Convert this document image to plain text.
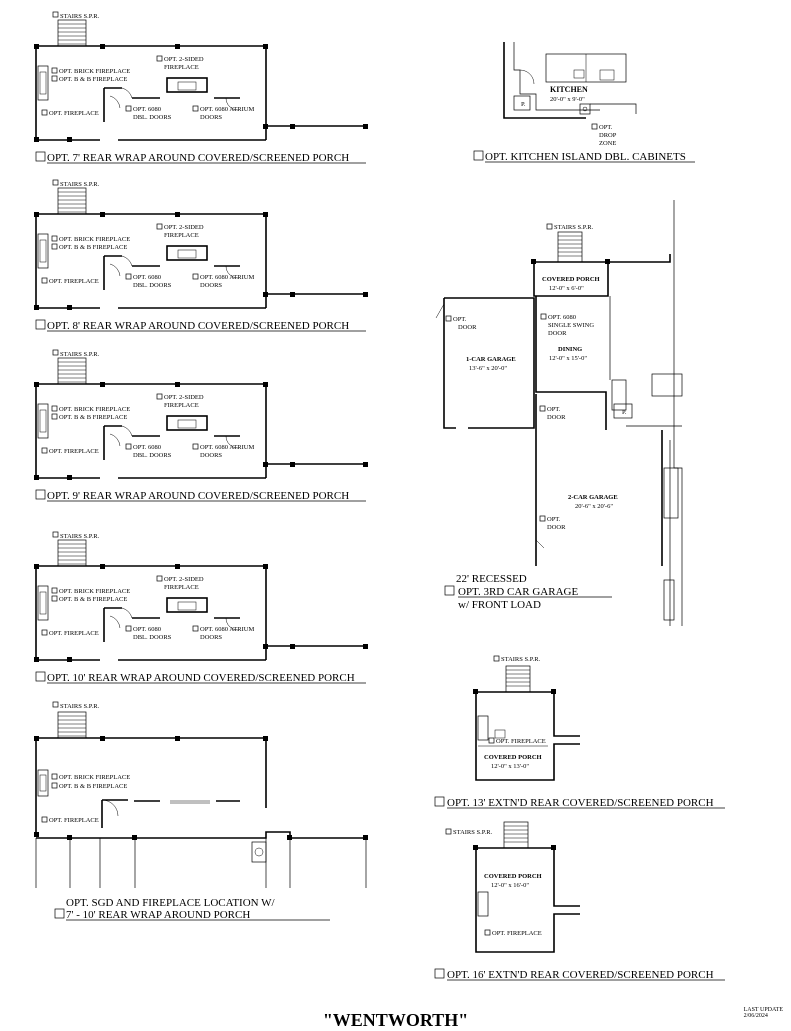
STAIRS S.P.R.
OPT. BRICK FIREPLACE
OPT. B & B FIREPLACE
OPT. FIREPLACE
OPT. 2-SIDED
FIREPLACE
OPT. 6080
DBL. DOORS
OPT. 6080 ATRIUM
DOORS
OPT. 7' REAR WRAP AROUND COVERED/SCREENED PORCH
STAIRS S.P.R.
OPT. BRICK FIREPLACE
OPT. B & B FIREPLACE
OPT. FIREPLACE
OPT. 2-SIDED
FIREPLACE
OPT. 6080
DBL. DOORS
OPT. 6080 ATRIUM
DOORS
OPT. 8' REAR WRAP AROUND COVERED/SCREENED PORCH
STAIRS S.P.R.
OPT. BRICK FIREPLACE
OPT. B & B FIREPLACE
OPT. FIREPLACE
OPT. 2-SIDED
FIREPLACE
OPT. 6080
DBL. DOORS
OPT. 6080 ATRIUM
DOORS
OPT. 9' REAR WRAP AROUND COVERED/SCREENED PORCH
STAIRS S.P.R.
OPT. BRICK FIREPLACE
OPT. B & B FIREPLACE
OPT. FIREPLACE
OPT. 2-SIDED
FIREPLACE
OPT. 6080
DBL. DOORS
OPT. 6080 ATRIUM
DOORS
OPT. 10' REAR WRAP AROUND COVERED/SCREENED PORCH
STAIRS S.P.R.
OPT. BRICK FIREPLACE
OPT. B & B FIREPLACE
OPT. FIREPLACE
OPT. SGD AND FIREPLACE LOCATION W/
7' - 10' REAR WRAP AROUND PORCH
P.
KITCHEN
20'-0" x 9'-0"
OPT.
DROP
ZONE
OPT. KITCHEN ISLAND DBL. CABINETS
STAIRS S.P.R.
COVERED PORCH
12'-0" x 6'-0"
OPT.
DOOR
1-CAR GARAGE
13'-6" x 20'-0"
OPT. 6080
SINGLE SWING
DOOR
DINING
12'-0" x 15'-0"
P.
OPT.
DOOR
2-CAR GARAGE
20'-6" x 20'-6"
OPT.
DOOR
22' RECESSED
OPT. 3RD CAR GARAGE
w/ FRONT LOAD
STAIRS S.P.R.
OPT. FIREPLACE
COVERED PORCH
12'-0" x 13'-0"
OPT. 13' EXTN'D REAR COVERED/SCREENED PORCH
STAIRS S.P.R.
COVERED PORCH
12'-0" x 16'-0"
OPT. FIREPLACE
OPT. 16' EXTN'D REAR COVERED/SCREENED PORCH
"WENTWORTH"	LAST UPDATE
2/06/2024
